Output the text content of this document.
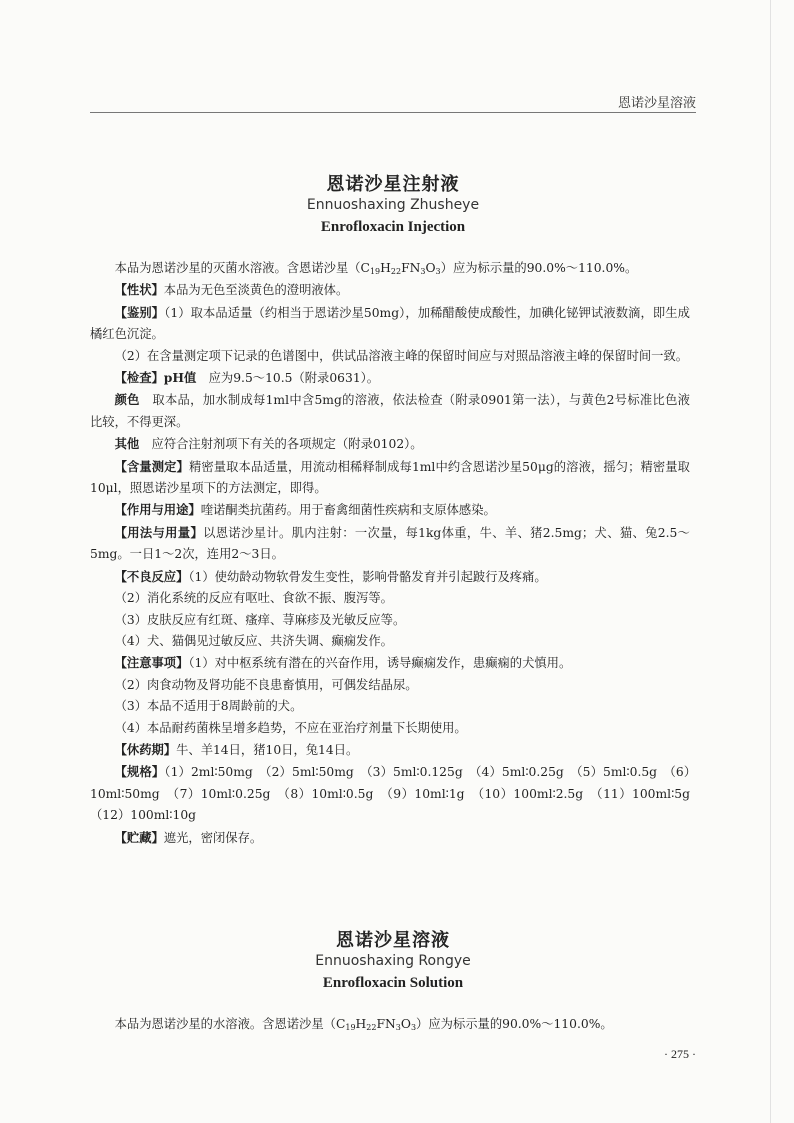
恩诺沙星溶液
恩诺沙星注射液
Ennuoshaxing Zhusheye
Enrofloxacin Injection

本品为恩诺沙星的灭菌水溶液。含恩诺沙星$(C_{19}H_{22}FN_3O_3)$应为标示量的90.0%～110.0%。

【性状】本品为无色至淡黄色的澄明液体。

【鉴别】（1）取本品适量（约相当于恩诺沙星50mg），加稀醋酸使成酸性，加碘化铋钾试液数滴，即生成橘红色沉淀。

（2）在含量测定项下记录的色谱图中，供试品溶液主峰的保留时间应与对照品溶液主峰的保留时间一致。

【检查】pH值　 应为9.5～10.5（附录0631）。

颜色　 取本品，加水制成每1ml中含5mg的溶液，依法检查（附录0901第一法），与黄色2号标准比色液比较，不得更深。

其他　 应符合注射剂项下有关的各项规定（附录0102）。

【含量测定】精密量取本品适量，用流动相稀释制成每1ml中约含恩诺沙星50μg的溶液，摇匀；精密量取10μl，照恩诺沙星项下的方法测定，即得。

【作用与用途】喹诺酮类抗菌药。用于畜禽细菌性疾病和支原体感染。

【用法与用量】以恩诺沙星计。肌内注射：一次量，每1kg体重，牛、羊、猪2.5mg；犬、猫、兔2.5～5mg。一日1～2次，连用2～3日。

【不良反应】（1）使幼龄动物软骨发生变性，影响骨骼发育并引起跛行及疼痛。

（2）消化系统的反应有呕吐、食欲不振、腹泻等。

（3）皮肤反应有红斑、瘙痒、荨麻疹及光敏反应等。

（4）犬、猫偶见过敏反应、共济失调、癫痫发作。

【注意事项】（1）对中枢系统有潜在的兴奋作用，诱导癫痫发作，患癫痫的犬慎用。

（2）肉食动物及肾功能不良患畜慎用，可偶发结晶尿。

（3）本品不适用于8周龄前的犬。

（4）本品耐药菌株呈增多趋势，不应在亚治疗剂量下长期使用。

【休药期】牛、羊14日，猪10日，兔14日。

【规格】（1）2ml∶50mg　（2）5ml∶50mg　（3）5ml∶0.125g　（4）5ml∶0.25g　（5）5ml∶0.5g　（6）10ml∶50mg　（7）10ml∶0.25g　（8）10ml∶0.5g　（9）10ml∶1g　（10）100ml∶2.5g　（11）100ml∶5g　（12）100ml∶10g

【贮藏】遮光，密闭保存。

恩诺沙星溶液
Ennuoshaxing Rongye
Enrofloxacin Solution

本品为恩诺沙星的水溶液。含恩诺沙星$(C_{19}H_{22}FN_3O_3)$应为标示量的90.0%～110.0%。

· 275 ·
